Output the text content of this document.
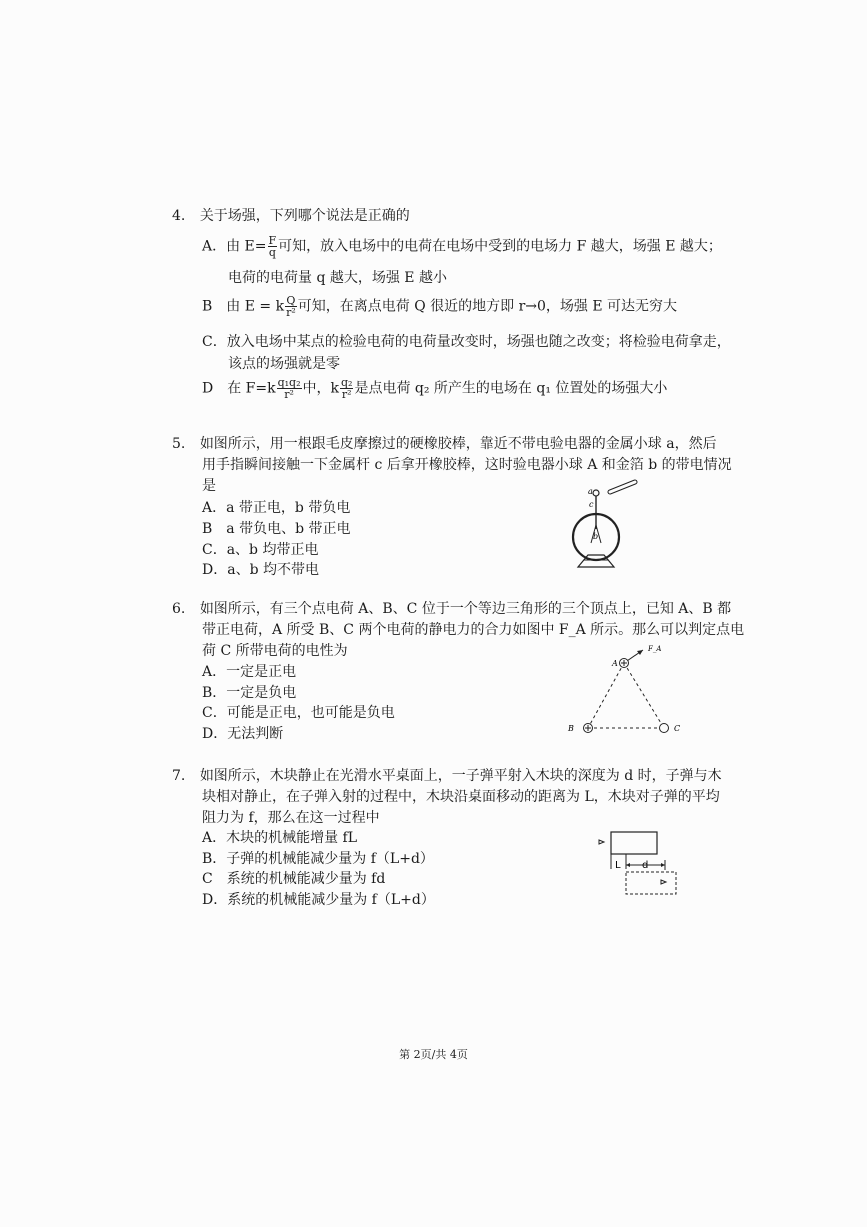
4. 关于场强，下列哪个说法是正确的
A．由 $E= \frac{F}{q}$ 可知，放入电场中的电荷在电场中受到的电场力 F 越大，场强 E 越大；
电荷的电荷量 q 越大，场强 E 越小
B　由 E = k $\frac{Q}{\text{r²}}$ 可知，在离点电荷 Q 很近的地方即 r→0，场强 E 可达无穷大
C．放入电场中某点的检验电荷的电荷量改变时，场强也随之改变；将检验电荷拿走，
该点的场强就是零
D　在 $F=k \frac{\text{q₁q₂}}{\text{r²}}$ 中，k $\frac{\text{q₂}}{\text{r²}}$ 是点电荷 q₂ 所产生的电场在 q₁ 位置处的场强大小
5. 如图所示，用一根跟毛皮摩擦过的硬橡胶棒，靠近不带电验电器的金属小球 a，然后
用手指瞬间接触一下金属杆 c 后拿开橡胶棒，这时验电器小球 A 和金箔 b 的带电情况
是
A．a 带正电，b 带负电
B　a 带负电、b 带正电
C．a、b 均带正电
D．a、b 均不带电
a
c
b
6. 如图所示，有三个点电荷 A、B、C 位于一个等边三角形的三个顶点上，已知 A、B 都
带正电荷，A 所受 B、C 两个电荷的静电力的合力如图中 F_A 所示。那么可以判定点电
荷 C 所带电荷的电性为
A．一定是正电
B．一定是负电
C．可能是正电，也可能是负电
D．无法判断
A
B	C
F_A
7. 如图所示，木块静止在光滑水平桌面上，一子弹平射入木块的深度为 d 时，子弹与木
块相对静止，在子弹入射的过程中，木块沿桌面移动的距离为 L，木块对子弹的平均
阻力为 f，那么在这一过程中
A．木块的机械能增量 fL
B．子弹的机械能减少量为 f（L+d）
C　系统的机械能减少量为 fd
D．系统的机械能减少量为 f（L+d）
L d
第 2页/共 4页
